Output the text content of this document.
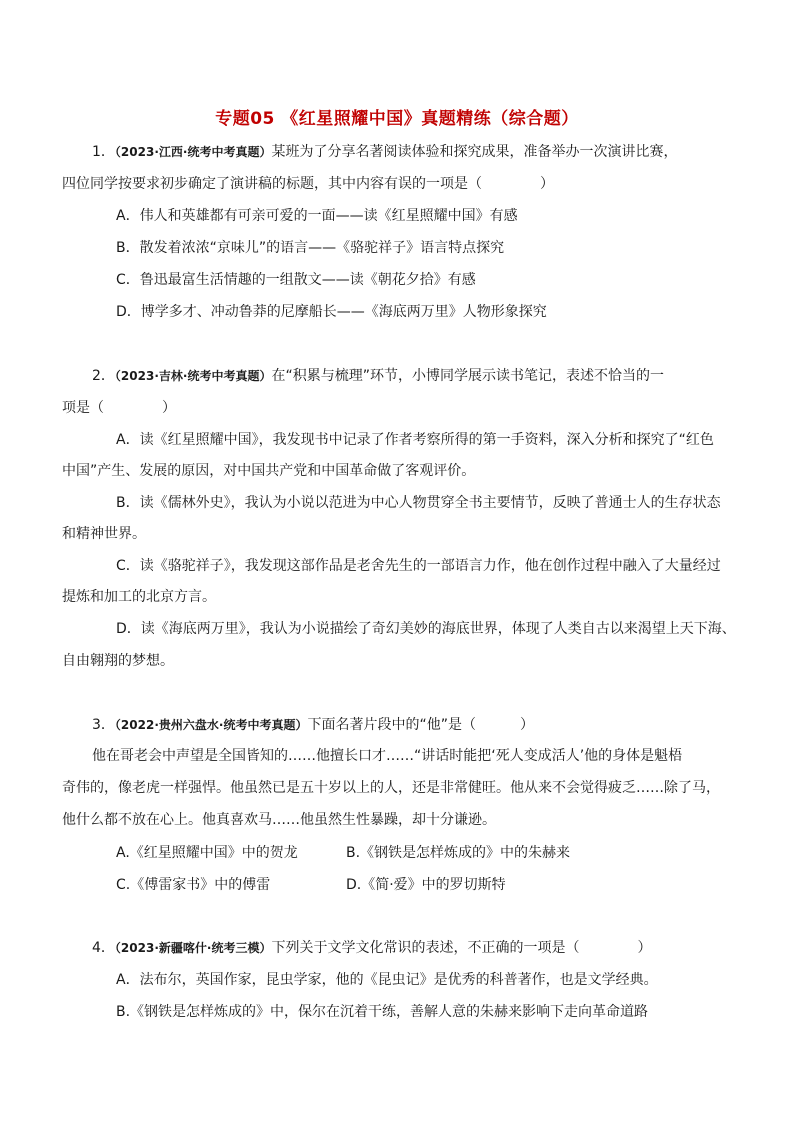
专题05 《红星照耀中国》真题精练（综合题）
1．（2023·江西·统考中考真题）某班为了分享名著阅读体验和探究成果，准备举办一次演讲比赛，
四位同学按要求初步确定了演讲稿的标题，其中内容有误的一项是（	）
A．伟人和英雄都有可亲可爱的一面——读《红星照耀中国》有感
B．散发着浓浓“京味儿”的语言——《骆驼祥子》语言特点探究
C．鲁迅最富生活情趣的一组散文——读《朝花夕拾》有感
D．博学多才、冲动鲁莽的尼摩船长——《海底两万里》人物形象探究
2．（2023·吉林·统考中考真题）在“积累与梳理”环节，小博同学展示读书笔记，表述不恰当的一
项是（	）
A．读《红星照耀中国》，我发现书中记录了作者考察所得的第一手资料，深入分析和探究了“红色
中国”产生、发展的原因，对中国共产党和中国革命做了客观评价。
B．读《儒林外史》，我认为小说以范进为中心人物贯穿全书主要情节，反映了普通士人的生存状态
和精神世界。
C．读《骆驼祥子》，我发现这部作品是老舍先生的一部语言力作，他在创作过程中融入了大量经过
提炼和加工的北京方言。
D．读《海底两万里》，我认为小说描绘了奇幻美妙的海底世界，体现了人类自古以来渴望上天下海、
自由翱翔的梦想。
3．（2022·贵州六盘水·统考中考真题）下面名著片段中的“他”是（	）
他在哥老会中声望是全国皆知的……他擅长口才……“讲话时能把‘死人变成活人’他的身体是魁梧
奇伟的，像老虎一样强悍。他虽然已是五十岁以上的人，还是非常健旺。他从来不会觉得疲乏……除了马，
他什么都不放在心上。他真喜欢马……他虽然生性暴躁，却十分谦逊。
A.《红星照耀中国》中的贺龙	B.《钢铁是怎样炼成的》中的朱赫来
C.《傅雷家书》中的傅雷	D.《简·爱》中的罗切斯特
4．（2023·新疆喀什·统考三模）下列关于文学文化常识的表述，不正确的一项是（	）
A．法布尔，英国作家，昆虫学家，他的《昆虫记》是优秀的科普著作，也是文学经典。
B.《钢铁是怎样炼成的》中，保尔在沉着干练，善解人意的朱赫来影响下走向革命道路
